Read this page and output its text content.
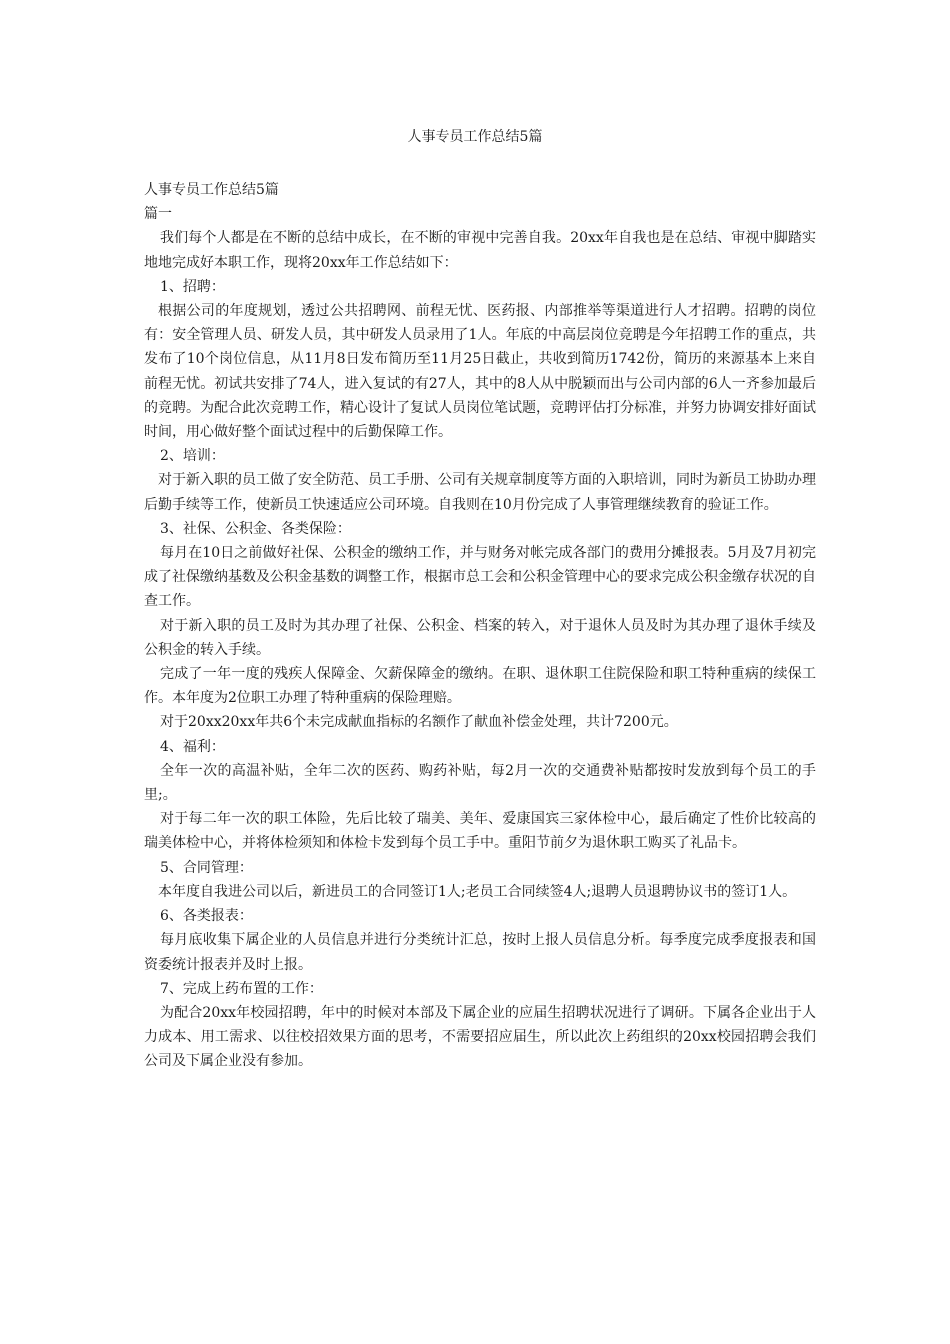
人事专员工作总结5篇

人事专员工作总结5篇

篇一

我们每个人都是在不断的总结中成长，在不断的审视中完善自我。20xx年自我也是在总结、审视中脚踏实地地完成好本职工作，现将20xx年工作总结如下：

1、招聘：

根据公司的年度规划，透过公共招聘网、前程无忧、医药报、内部推举等渠道进行人才招聘。招聘的岗位有：安全管理人员、研发人员，其中研发人员录用了1人。年底的中高层岗位竞聘是今年招聘工作的重点，共发布了10个岗位信息，从11月8日发布简历至11月25日截止，共收到简历1742份，简历的来源基本上来自前程无忧。初试共安排了74人，进入复试的有27人，其中的8人从中脱颖而出与公司内部的6人一齐参加最后的竞聘。为配合此次竞聘工作，精心设计了复试人员岗位笔试题，竞聘评估打分标准，并努力协调安排好面试时间，用心做好整个面试过程中的后勤保障工作。

2、培训：

对于新入职的员工做了安全防范、员工手册、公司有关规章制度等方面的入职培训，同时为新员工协助办理后勤手续等工作，使新员工快速适应公司环境。自我则在10月份完成了人事管理继续教育的验证工作。

3、社保、公积金、各类保险：

每月在10日之前做好社保、公积金的缴纳工作，并与财务对帐完成各部门的费用分摊报表。5月及7月初完成了社保缴纳基数及公积金基数的调整工作，根据市总工会和公积金管理中心的要求完成公积金缴存状况的自查工作。

对于新入职的员工及时为其办理了社保、公积金、档案的转入，对于退休人员及时为其办理了退休手续及公积金的转入手续。

完成了一年一度的残疾人保障金、欠薪保障金的缴纳。在职、退休职工住院保险和职工特种重病的续保工作。本年度为2位职工办理了特种重病的保险理赔。

对于20xx20xx年共6个未完成献血指标的名额作了献血补偿金处理，共计7200元。

4、福利：

全年一次的高温补贴，全年二次的医药、购药补贴，每2月一次的交通费补贴都按时发放到每个员工的手里;。

对于每二年一次的职工体险，先后比较了瑞美、美年、爱康国宾三家体检中心，最后确定了性价比较高的瑞美体检中心，并将体检须知和体检卡发到每个员工手中。重阳节前夕为退休职工购买了礼品卡。

5、合同管理：

本年度自我进公司以后，新进员工的合同签订1人;老员工合同续签4人;退聘人员退聘协议书的签订1人。

6、各类报表：

每月底收集下属企业的人员信息并进行分类统计汇总，按时上报人员信息分析。每季度完成季度报表和国资委统计报表并及时上报。

7、完成上药布置的工作：

为配合20xx年校园招聘，年中的时候对本部及下属企业的应届生招聘状况进行了调研。下属各企业出于人力成本、用工需求、以往校招效果方面的思考，不需要招应届生，所以此次上药组织的20xx校园招聘会我们公司及下属企业没有参加。
